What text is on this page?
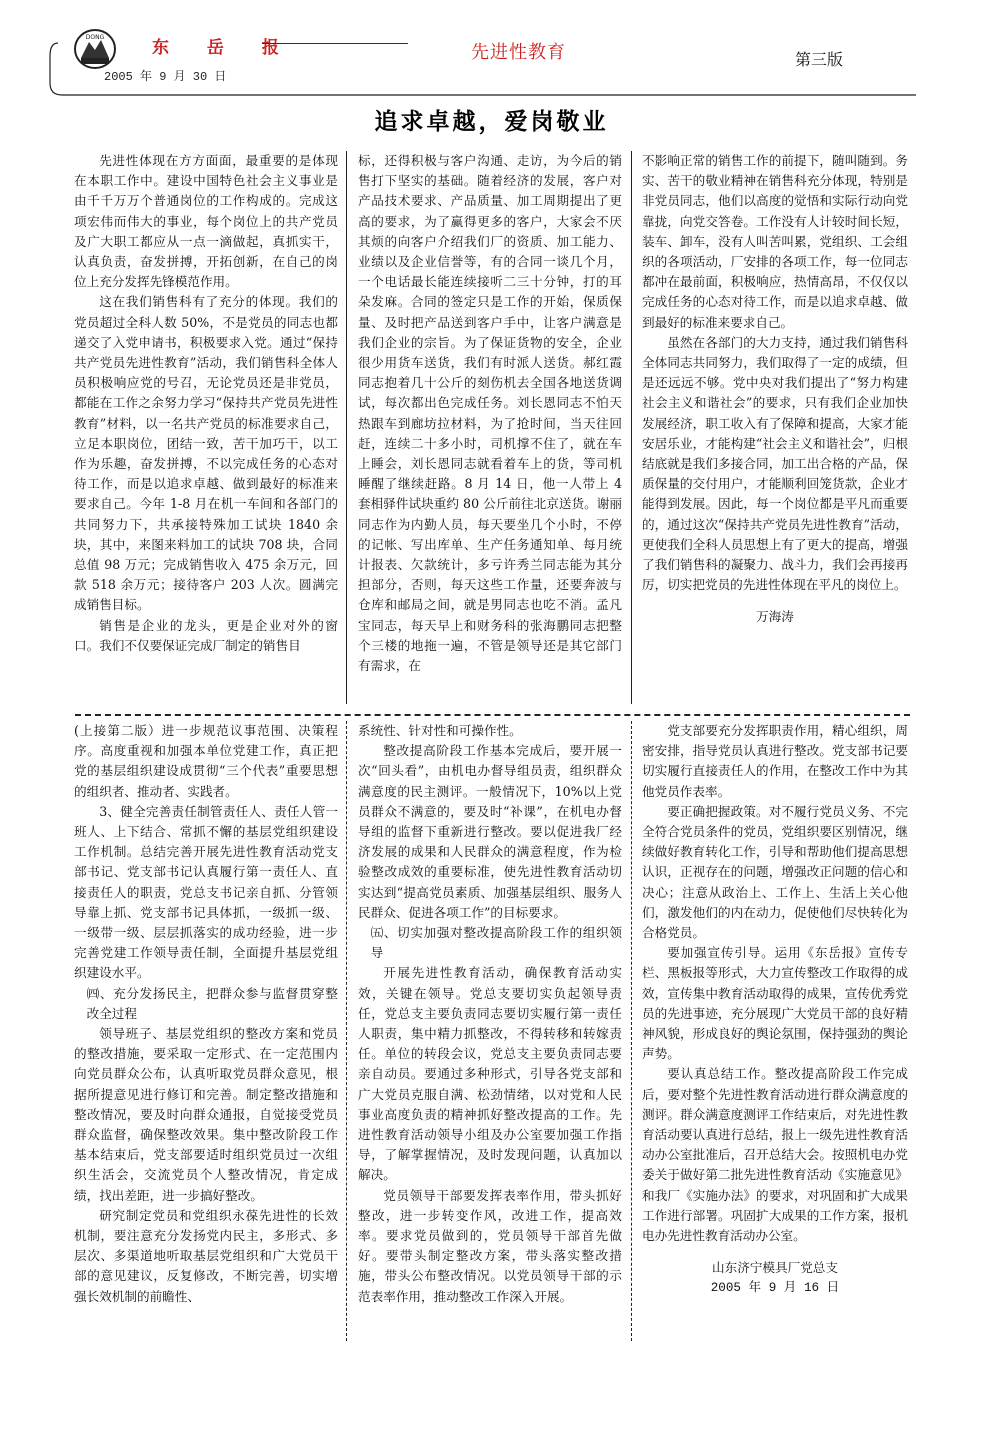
DONG
东 岳 报	先进性教育	第三版
2005 年 9 月 30 日
追求卓越，爱岗敬业

先进性体现在方方面面，最重要的是体现在本职工作中。建设中国特色社会主义事业是由千千万万个普通岗位的工作构成的。完成这项宏伟而伟大的事业，每个岗位上的共产党员及广大职工都应从一点一滴做起，真抓实干，认真负责，奋发拼搏，开拓创新，在自己的岗位上充分发挥先锋模范作用。

这在我们销售科有了充分的体现。我们的党员超过全科人数 50%，不是党员的同志也都递交了入党申请书，积极要求入党。通过“保持共产党员先进性教育”活动，我们销售科全体人员积极响应党的号召，无论党员还是非党员，都能在工作之余努力学习“保持共产党员先进性教育”材料，以一名共产党员的标准要求自己，立足本职岗位，团结一致，苦干加巧干，以工作为乐趣，奋发拼搏，不以完成任务的心态对待工作，而是以追求卓越、做到最好的标准来要求自己。今年 1-8 月在机一车间和各部门的共同努力下，共承接特殊加工试块 1840 余块，其中，来图来料加工的试块 708 块，合同总值 98 万元；完成销售收入 475 余万元，回款 518 余万元；接待客户 203 人次。圆满完成销售目标。

销售是企业的龙头，更是企业对外的窗口。我们不仅要保证完成厂制定的销售目

标，还得积极与客户沟通、走访，为今后的销售打下坚实的基础。随着经济的发展，客户对产品技术要求、产品质量、加工周期提出了更高的要求，为了赢得更多的客户，大家会不厌其烦的向客户介绍我们厂的资质、加工能力、业绩以及企业信誉等，有的合同一谈几个月，一个电话最长能连续接听二三十分钟，打的耳朵发麻。合同的签定只是工作的开始，保质保量、及时把产品送到客户手中，让客户满意是我们企业的宗旨。为了保证货物的安全，企业很少用货车送货，我们有时派人送货。郝红霞同志抱着几十公斤的刻伤机去全国各地送货调试，每次都出色完成任务。刘长恩同志不怕天热跟车到廊坊拉材料，为了抢时间，当天往回赶，连续二十多小时，司机撑不住了，就在车上睡会，刘长恩同志就看着车上的货，等司机睡醒了继续赶路。8 月 14 日，他一人带上 4 套相驿件试块重约 80 公斤前往北京送货。谢丽同志作为内勤人员，每天要坐几个小时，不停的记帐、写出库单、生产任务通知单、每月统计报表、欠款统计，多亏许秀兰同志能为其分担部分，否则，每天这些工作量，还要奔波与仓库和邮局之间，就是男同志也吃不消。孟凡宝同志，每天早上和财务科的张海鹏同志把整个三楼的地拖一遍，不管是领导还是其它部门有需求，在

不影响正常的销售工作的前提下，随叫随到。务实、苦干的敬业精神在销售科充分体现，特别是非党员同志，他们以高度的觉悟和实际行动向党靠拢，向党交答卷。工作没有人计较时间长短，装车、卸车，没有人叫苦叫累，党组织、工会组织的各项活动，厂安排的各项工作，每一位同志都冲在最前面，积极响应，热情高昂，不仅仅以完成任务的心态对待工作，而是以追求卓越、做到最好的标准来要求自己。

虽然在各部门的大力支持，通过我们销售科全体同志共同努力，我们取得了一定的成绩，但是还远远不够。党中央对我们提出了“努力构建社会主义和谐社会”的要求，只有我们企业加快发展经济，职工收入有了保障和提高，大家才能安居乐业，才能构建“社会主义和谐社会”，归根结底就是我们多接合同，加工出合格的产品，保质保量的交付用户，才能顺利回笼货款，企业才能得到发展。因此，每一个岗位都是平凡而重要的，通过这次“保持共产党员先进性教育”活动，更使我们全科人员思想上有了更大的提高，增强了我们销售科的凝聚力、战斗力，我们会再接再厉，切实把党员的先进性体现在平凡的岗位上。

万海涛

(上接第二版）进一步规范议事范围、决策程序。高度重视和加强本单位党建工作，真正把党的基层组织建设成贯彻“三个代表”重要思想的组织者、推动者、实践者。

3、健全完善责任制管责任人、责任人管一班人、上下结合、常抓不懈的基层党组织建设工作机制。总结完善开展先进性教育活动党支部书记、党支部书记认真履行第一责任人、直接责任人的职责，党总支书记亲自抓、分管领导靠上抓、党支部书记具体抓，一级抓一级、一级带一级、层层抓落实的成功经验，进一步完善党建工作领导责任制，全面提升基层党组织建设水平。

㈣、充分发扬民主，把群众参与监督贯穿整改全过程

领导班子、基层党组织的整改方案和党员的整改措施，要采取一定形式、在一定范围内向党员群众公布，认真听取党员群众意见，根据所提意见进行修订和完善。制定整改措施和整改情况，要及时向群众通报，自觉接受党员群众监督，确保整改效果。集中整改阶段工作基本结束后，党支部要适时组织党员过一次组织生活会，交流党员个人整改情况，肯定成绩，找出差距，进一步搞好整改。

研究制定党员和党组织永葆先进性的长效机制，要注意充分发扬党内民主，多形式、多层次、多渠道地听取基层党组织和广大党员干部的意见建议，反复修改，不断完善，切实增强长效机制的前瞻性、

系统性、针对性和可操作性。

整改提高阶段工作基本完成后，要开展一次“回头看”，由机电办督导组员责，组织群众满意度的民主测评。一般情况下，10%以上党员群众不满意的，要及时“补课”，在机电办督导组的监督下重新进行整改。要以促进我厂经济发展的成果和人民群众的满意程度，作为检验整改成效的重要标准，使先进性教育活动切实达到“提高党员素质、加强基层组织、服务人民群众、促进各项工作”的目标要求。

㈤、切实加强对整改提高阶段工作的组织领导

开展先进性教育活动，确保教育活动实效，关键在领导。党总支要切实负起领导责任，党总支主要负责同志要切实履行第一责任人职责，集中精力抓整改，不得转移和转嫁责任。单位的转段会议，党总支主要负责同志要亲自动员。要通过多种形式，引导各党支部和广大党员克服自满、松劲情绪，以对党和人民事业高度负责的精神抓好整改提高的工作。先进性教育活动领导小组及办公室要加强工作指导，了解掌握情况，及时发现问题，认真加以解决。

党员领导干部要发挥表率作用，带头抓好整改，进一步转变作风，改进工作，提高效率。要求党员做到的，党员领导干部首先做好。要带头制定整改方案，带头落实整改措施，带头公布整改情况。以党员领导干部的示范表率作用，推动整改工作深入开展。

党支部要充分发挥职责作用，精心组织，周密安排，指导党员认真进行整改。党支部书记要切实履行直接责任人的作用，在整改工作中为其他党员作表率。

要正确把握政策。对不履行党员义务、不完全符合党员条件的党员，党组织要区别情况，继续做好教育转化工作，引导和帮助他们提高思想认识，正视存在的问题，增强改正问题的信心和决心；注意从政治上、工作上、生活上关心他们，激发他们的内在动力，促使他们尽快转化为合格党员。

要加强宣传引导。运用《东岳报》宣传专栏、黑板报等形式，大力宣传整改工作取得的成效，宣传集中教育活动取得的成果，宣传优秀党员的先进事迹，充分展现广大党员干部的良好精神风貌，形成良好的舆论氛围，保持强劲的舆论声势。

要认真总结工作。整改提高阶段工作完成后，要对整个先进性教育活动进行群众满意度的测评。群众满意度测评工作结束后，对先进性教育活动要认真进行总结，报上一级先进性教育活动办公室批准后，召开总结大会。按照机电办党委关于做好第二批先进性教育活动《实施意见》和我厂《实施办法》的要求，对巩固和扩大成果工作进行部署。巩固扩大成果的工作方案，报机电办先进性教育活动办公室。

山东济宁模具厂党总支

2005 年 9 月 16 日
